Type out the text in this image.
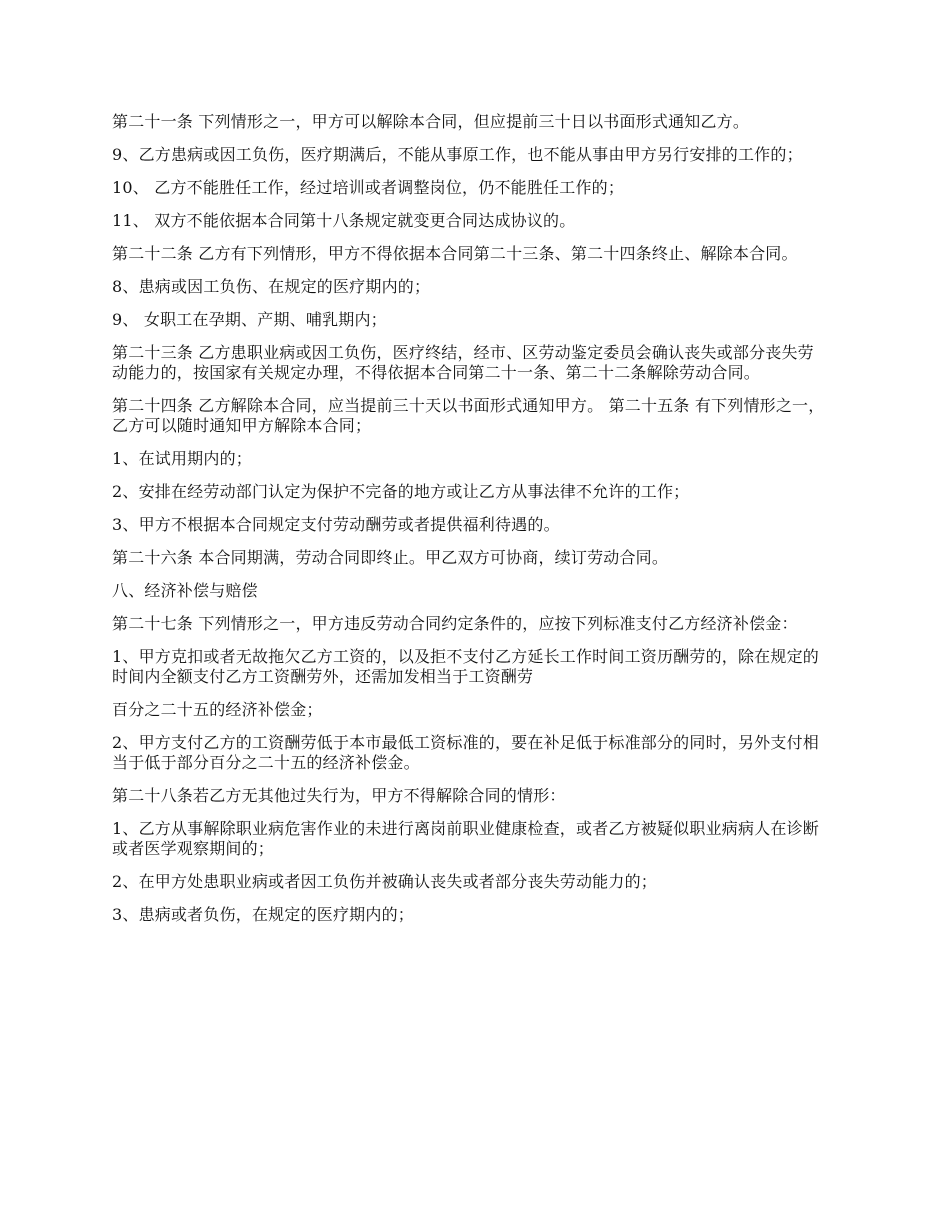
第二十一条 下列情形之一，甲方可以解除本合同，但应提前三十日以书面形式通知乙方。

9、乙方患病或因工负伤，医疗期满后，不能从事原工作，也不能从事由甲方另行安排的工作的；

10、 乙方不能胜任工作，经过培训或者调整岗位，仍不能胜任工作的；

11、 双方不能依据本合同第十八条规定就变更合同达成协议的。

第二十二条 乙方有下列情形，甲方不得依据本合同第二十三条、第二十四条终止、解除本合同。

8、患病或因工负伤、在规定的医疗期内的；

9、 女职工在孕期、产期、哺乳期内；

第二十三条 乙方患职业病或因工负伤，医疗终结，经市、区劳动鉴定委员会确认丧失或部分丧失劳动能力的，按国家有关规定办理，不得依据本合同第二十一条、第二十二条解除劳动合同。

第二十四条 乙方解除本合同，应当提前三十天以书面形式通知甲方。 第二十五条 有下列情形之一，乙方可以随时通知甲方解除本合同；

1、在试用期内的；

2、安排在经劳动部门认定为保护不完备的地方或让乙方从事法律不允许的工作；

3、甲方不根据本合同规定支付劳动酬劳或者提供福利待遇的。

第二十六条 本合同期满，劳动合同即终止。甲乙双方可协商，续订劳动合同。

八、经济补偿与赔偿

第二十七条 下列情形之一，甲方违反劳动合同约定条件的，应按下列标准支付乙方经济补偿金：

1、甲方克扣或者无故拖欠乙方工资的，以及拒不支付乙方延长工作时间工资历酬劳的，除在规定的时间内全额支付乙方工资酬劳外，还需加发相当于工资酬劳

百分之二十五的经济补偿金；

2、甲方支付乙方的工资酬劳低于本市最低工资标准的，要在补足低于标准部分的同时，另外支付相当于低于部分百分之二十五的经济补偿金。

第二十八条若乙方无其他过失行为，甲方不得解除合同的情形：

1、乙方从事解除职业病危害作业的未进行离岗前职业健康检查，或者乙方被疑似职业病病人在诊断或者医学观察期间的；

2、在甲方处患职业病或者因工负伤并被确认丧失或者部分丧失劳动能力的；

3、患病或者负伤，在规定的医疗期内的；
